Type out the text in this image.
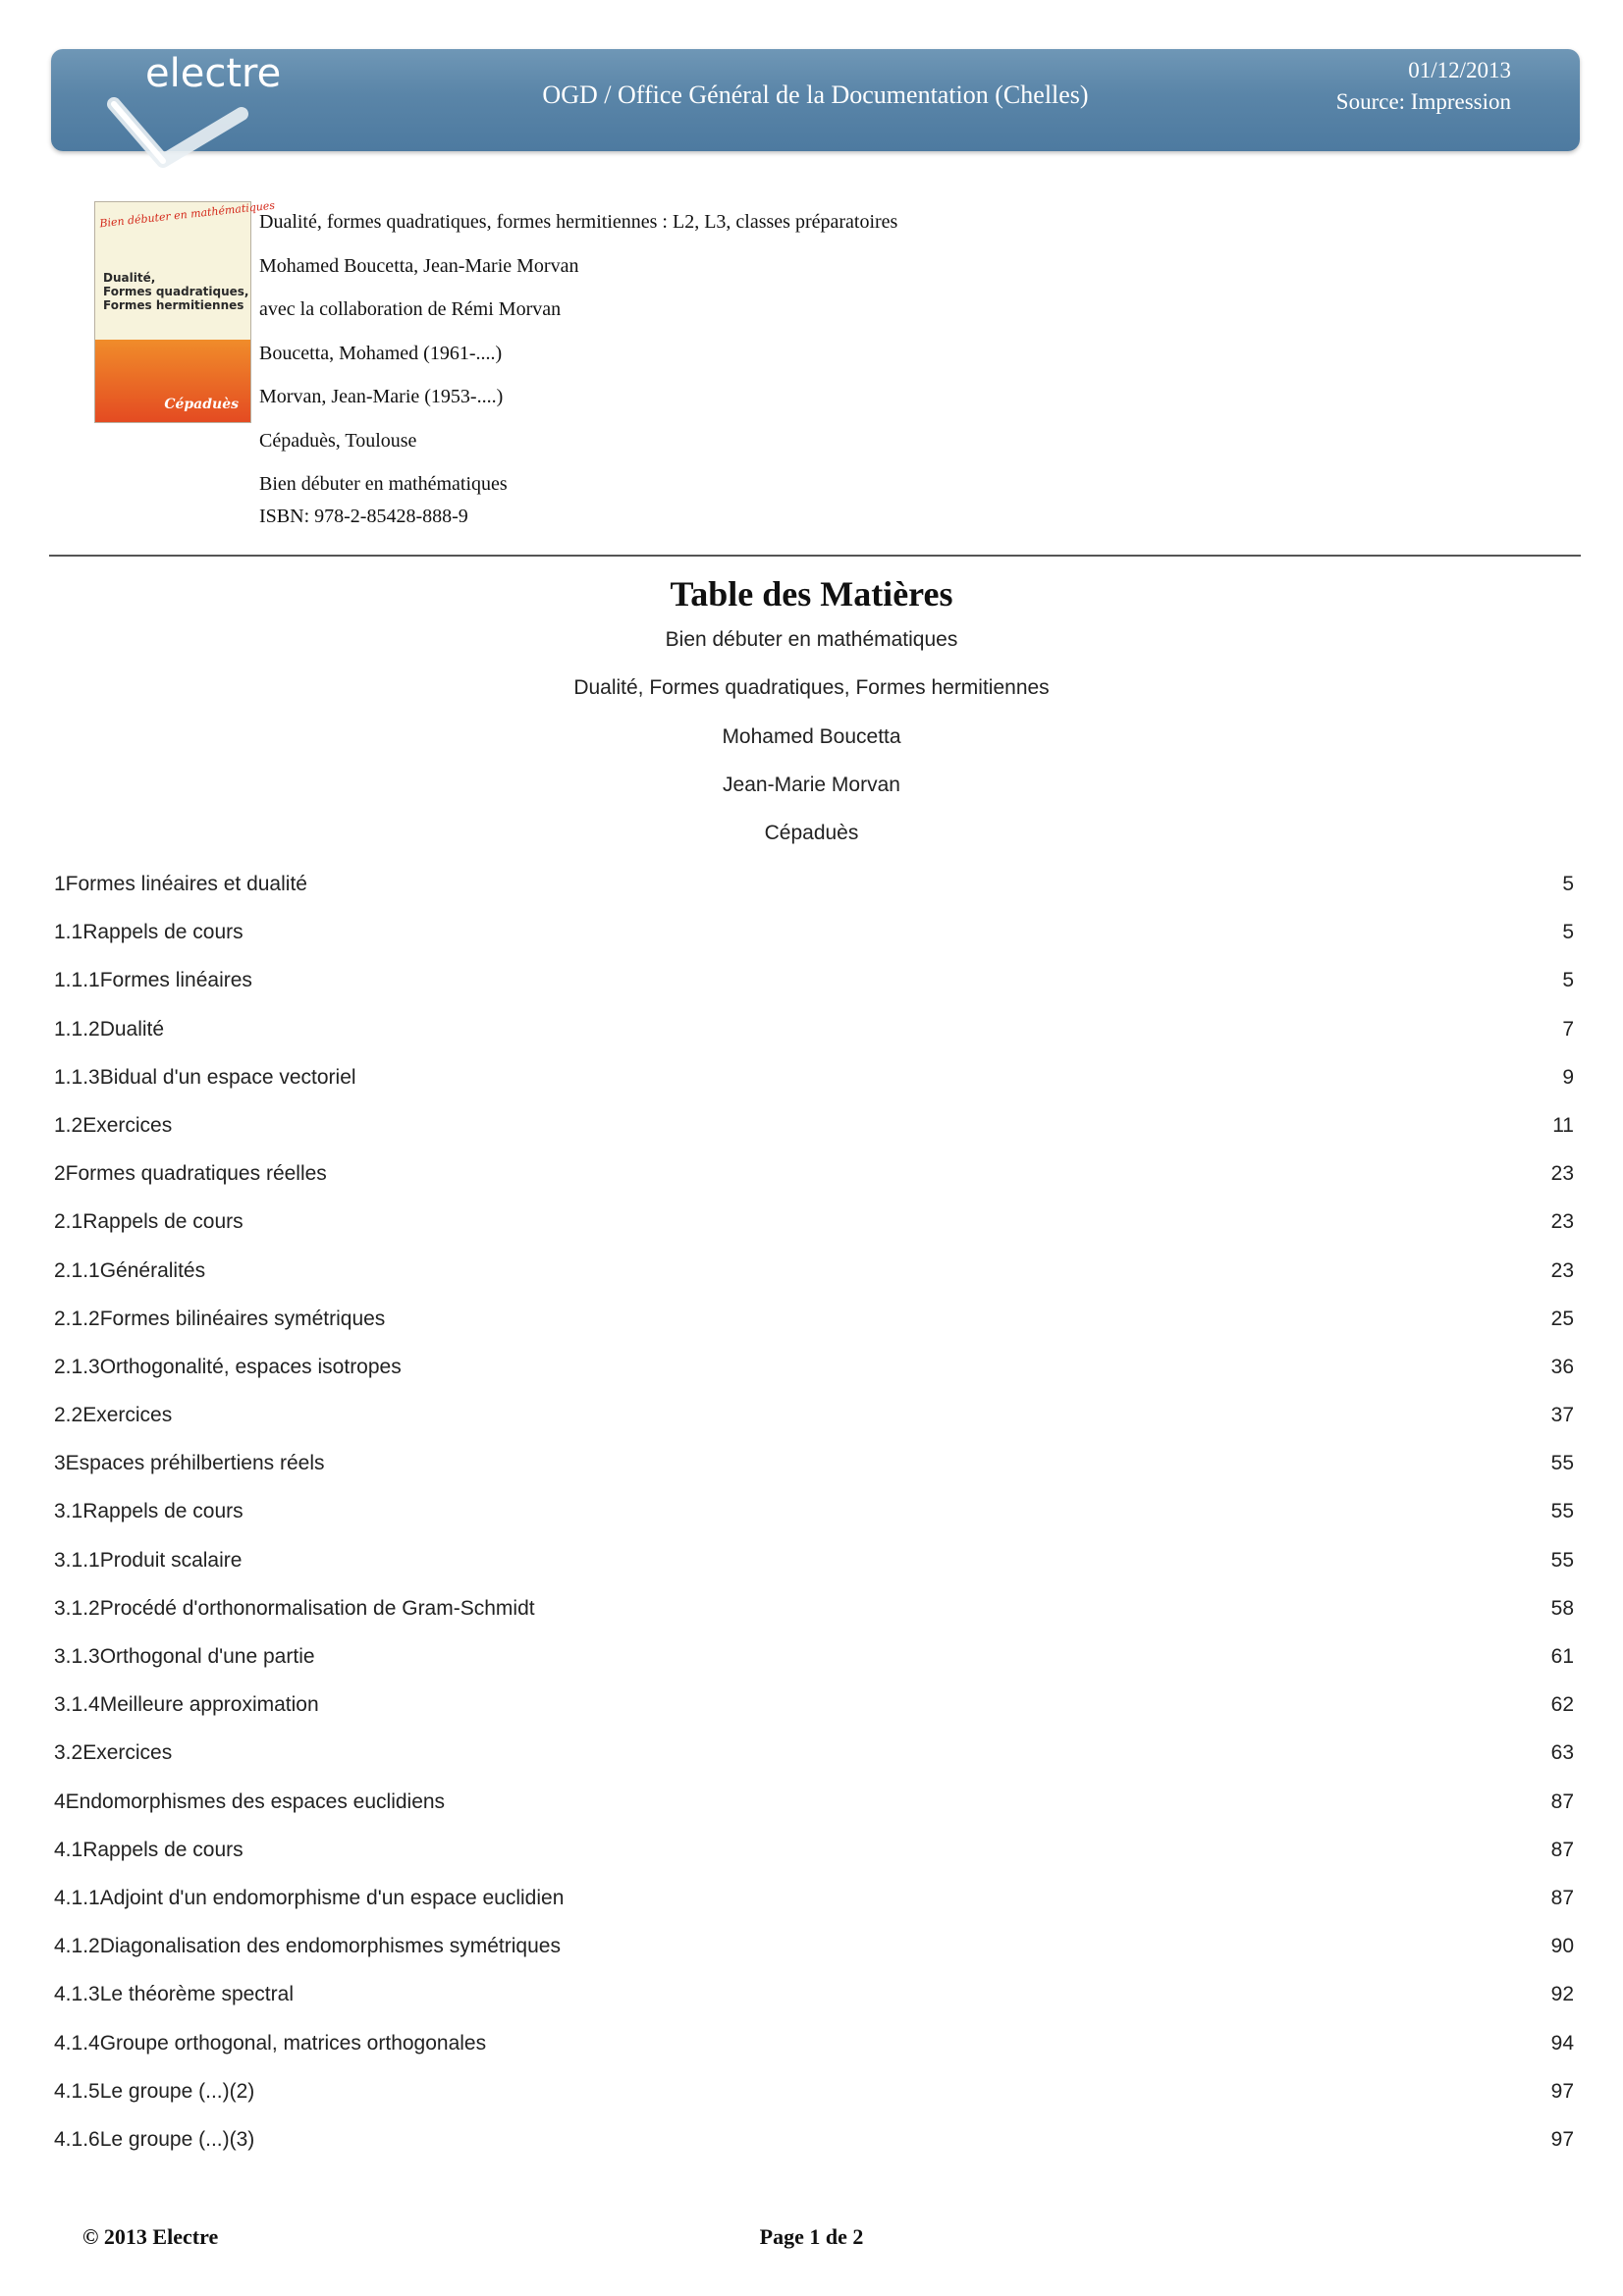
electre	OGD / Office Général de la Documentation (Chelles)
01/12/2013
Source: Impression
Bien débuter en mathématiques
Dualité,
Formes quadratiques,
Formes hermitiennes
Cépaduès
Dualité, formes quadratiques, formes hermitiennes : L2, L3, classes préparatoires
Mohamed Boucetta, Jean-Marie Morvan
avec la collaboration de Rémi Morvan
Boucetta, Mohamed (1961-....)
Morvan, Jean-Marie (1953-....)
Cépaduès, Toulouse
Bien débuter en mathématiques
ISBN: 978-2-85428-888-9
Table des Matières
Bien débuter en mathématiques
Dualité, Formes quadratiques, Formes hermitiennes
Mohamed Boucetta
Jean-Marie Morvan
Cépaduès
1Formes linéaires et dualité	5
1.1Rappels de cours	5
1.1.1Formes linéaires	5
1.1.2Dualité	7
1.1.3Bidual d'un espace vectoriel	9
1.2Exercices	11
2Formes quadratiques réelles	23
2.1Rappels de cours	23
2.1.1Généralités	23
2.1.2Formes bilinéaires symétriques	25
2.1.3Orthogonalité, espaces isotropes	36
2.2Exercices	37
3Espaces préhilbertiens réels	55
3.1Rappels de cours	55
3.1.1Produit scalaire	55
3.1.2Procédé d'orthonormalisation de Gram-Schmidt	58
3.1.3Orthogonal d'une partie	61
3.1.4Meilleure approximation	62
3.2Exercices	63
4Endomorphismes des espaces euclidiens	87
4.1Rappels de cours	87
4.1.1Adjoint d'un endomorphisme d'un espace euclidien	87
4.1.2Diagonalisation des endomorphismes symétriques	90
4.1.3Le théorème spectral	92
4.1.4Groupe orthogonal, matrices orthogonales	94
4.1.5Le groupe (...)(2)	97
4.1.6Le groupe (...)(3)	97
© 2013 Electre	Page 1 de 2
